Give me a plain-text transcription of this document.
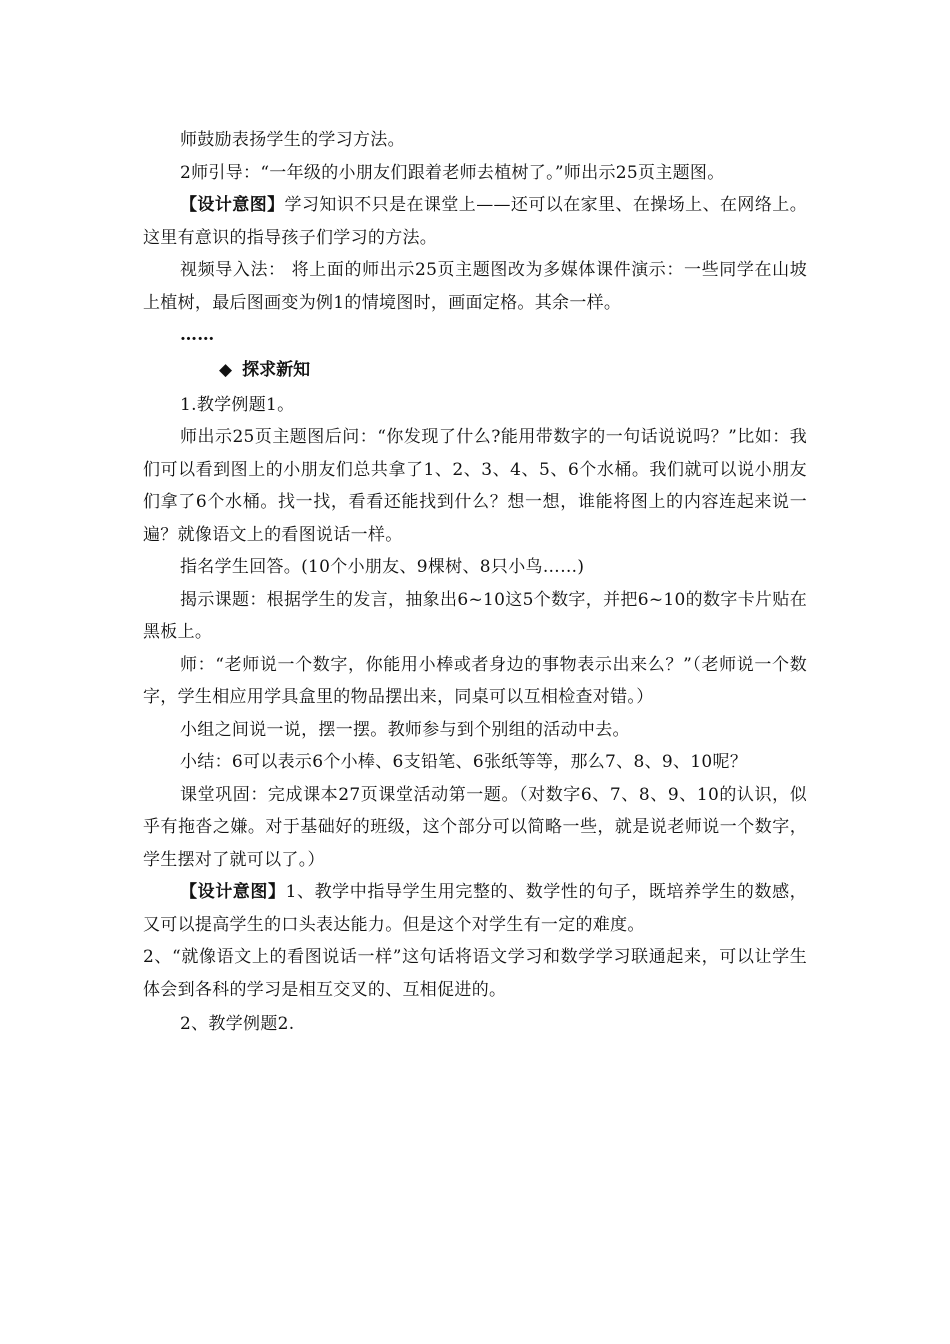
师鼓励表扬学生的学习方法。

2师引导：“一年级的小朋友们跟着老师去植树了。”师出示25页主题图。

【设计意图】学习知识不只是在课堂上——还可以在家里、在操场上、在网络上。这里有意识的指导孩子们学习的方法。

视频导入法： 将上面的师出示25页主题图改为多媒体课件演示：一些同学在山坡上植树，最后图画变为例1的情境图时，画面定格。其余一样。

……

◆ 探求新知

1.教学例题1。

师出示25页主题图后问：“你发现了什么?能用带数字的一句话说说吗？”比如：我们可以看到图上的小朋友们总共拿了1、2、3、4、5、6个水桶。我们就可以说小朋友们拿了6个水桶。找一找，看看还能找到什么？想一想，谁能将图上的内容连起来说一遍？就像语文上的看图说话一样。

指名学生回答。(10个小朋友、9棵树、8只小鸟……)

揭示课题：根据学生的发言，抽象出6~10这5个数字，并把6~10的数字卡片贴在黑板上。

师：“老师说一个数字，你能用小棒或者身边的事物表示出来么？”（老师说一个数字，学生相应用学具盒里的物品摆出来，同桌可以互相检查对错。）

小组之间说一说，摆一摆。教师参与到个别组的活动中去。

小结：6可以表示6个小棒、6支铅笔、6张纸等等，那么7、8、9、10呢？

课堂巩固：完成课本27页课堂活动第一题。（对数字6、7、8、9、10的认识，似乎有拖沓之嫌。对于基础好的班级，这个部分可以简略一些，就是说老师说一个数字，学生摆对了就可以了。）

【设计意图】1、教学中指导学生用完整的、数学性的句子，既培养学生的数感，又可以提高学生的口头表达能力。但是这个对学生有一定的难度。

2、“就像语文上的看图说话一样”这句话将语文学习和数学学习联通起来，可以让学生体会到各科的学习是相互交叉的、互相促进的。

2、教学例题2.
